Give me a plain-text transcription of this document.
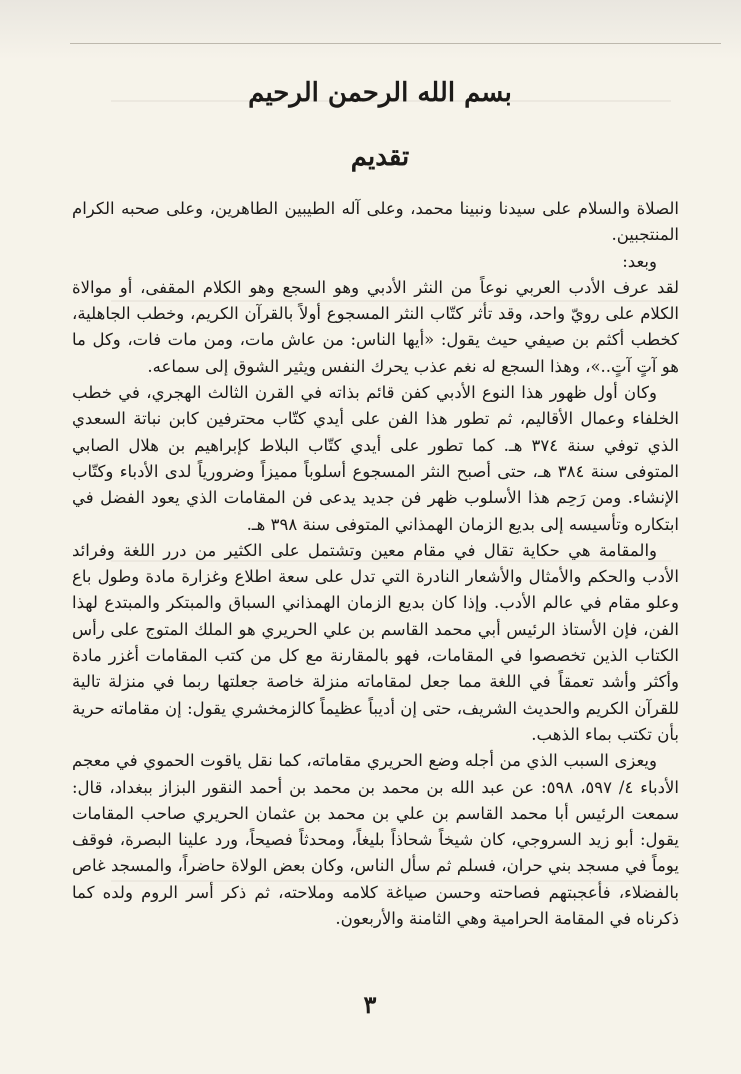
بسم الله الرحمن الرحيم
تقديم

الصلاة والسلام على سيدنا ونبينا محمد، وعلى آله الطيبين الطاهرين، وعلى صحبه الكرام المنتجبين.

وبعد:

لقد عرف الأدب العربي نوعاً من النثر الأدبي وهو السجع وهو الكلام المقفى، أو موالاة الكلام على رويّ واحد، وقد تأثر كتّاب النثر المسجوع أولاً بالقرآن الكريم، وخطب الجاهلية، كخطب أكثم بن صيفي حيث يقول: «أيها الناس: من عاش مات، ومن مات فات، وكل ما هو آتٍ آتٍ..»، وهذا السجع له نغم عذب يحرك النفس ويثير الشوق إلى سماعه.

وكان أول ظهور هذا النوع الأدبي كفن قائم بذاته في القرن الثالث الهجري، في خطب الخلفاء وعمال الأقاليم، ثم تطور هذا الفن على أيدي كتّاب محترفين كابن نباتة السعدي الذي توفي سنة ٣٧٤ هـ. كما تطور على أيدي كتّاب البلاط كإبراهيم بن هلال الصابي المتوفى سنة ٣٨٤ هـ، حتى أصبح النثر المسجوع أسلوباً مميزاً وضرورياً لدى الأدباء وكتّاب الإنشاء. ومن رَحِم هذا الأسلوب ظهر فن جديد يدعى فن المقامات الذي يعود الفضل في ابتكاره وتأسيسه إلى بديع الزمان الهمذاني المتوفى سنة ٣٩٨ هـ.

والمقامة هي حكاية تقال في مقام معين وتشتمل على الكثير من درر اللغة وفرائد الأدب والحكم والأمثال والأشعار النادرة التي تدل على سعة اطلاع وغزارة مادة وطول باع وعلو مقام في عالم الأدب. وإذا كان بديع الزمان الهمذاني السباق والمبتكر والمبتدع لهذا الفن، فإن الأستاذ الرئيس أبي محمد القاسم بن علي الحريري هو الملك المتوج على رأس الكتاب الذين تخصصوا في المقامات، فهو بالمقارنة مع كل من كتب المقامات أغزر مادة وأكثر وأشد تعمقاً في اللغة مما جعل لمقاماته منزلة خاصة جعلتها ربما في منزلة تالية للقرآن الكريم والحديث الشريف، حتى إن أديباً عظيماً كالزمخشري يقول: إن مقاماته حرية بأن تكتب بماء الذهب.

ويعزى السبب الذي من أجله وضع الحريري مقاماته، كما نقل ياقوت الحموي في معجم الأدباء ٤/ ٥٩٧، ٥٩٨: عن عبد الله بن محمد بن محمد بن أحمد النقور البزاز ببغداد، قال: سمعت الرئيس أبا محمد القاسم بن علي بن محمد بن عثمان الحريري صاحب المقامات يقول: أبو زيد السروجي، كان شيخاً شحاذاً بليغاً، ومحدثاً فصيحاً، ورد علينا البصرة، فوقف يوماً في مسجد بني حران، فسلم ثم سأل الناس، وكان بعض الولاة حاضراً، والمسجد غاص بالفضلاء، فأعجبتهم فصاحته وحسن صياغة كلامه وملاحته، ثم ذكر أسر الروم ولده كما ذكرناه في المقامة الحرامية وهي الثامنة والأربعون.

٣
